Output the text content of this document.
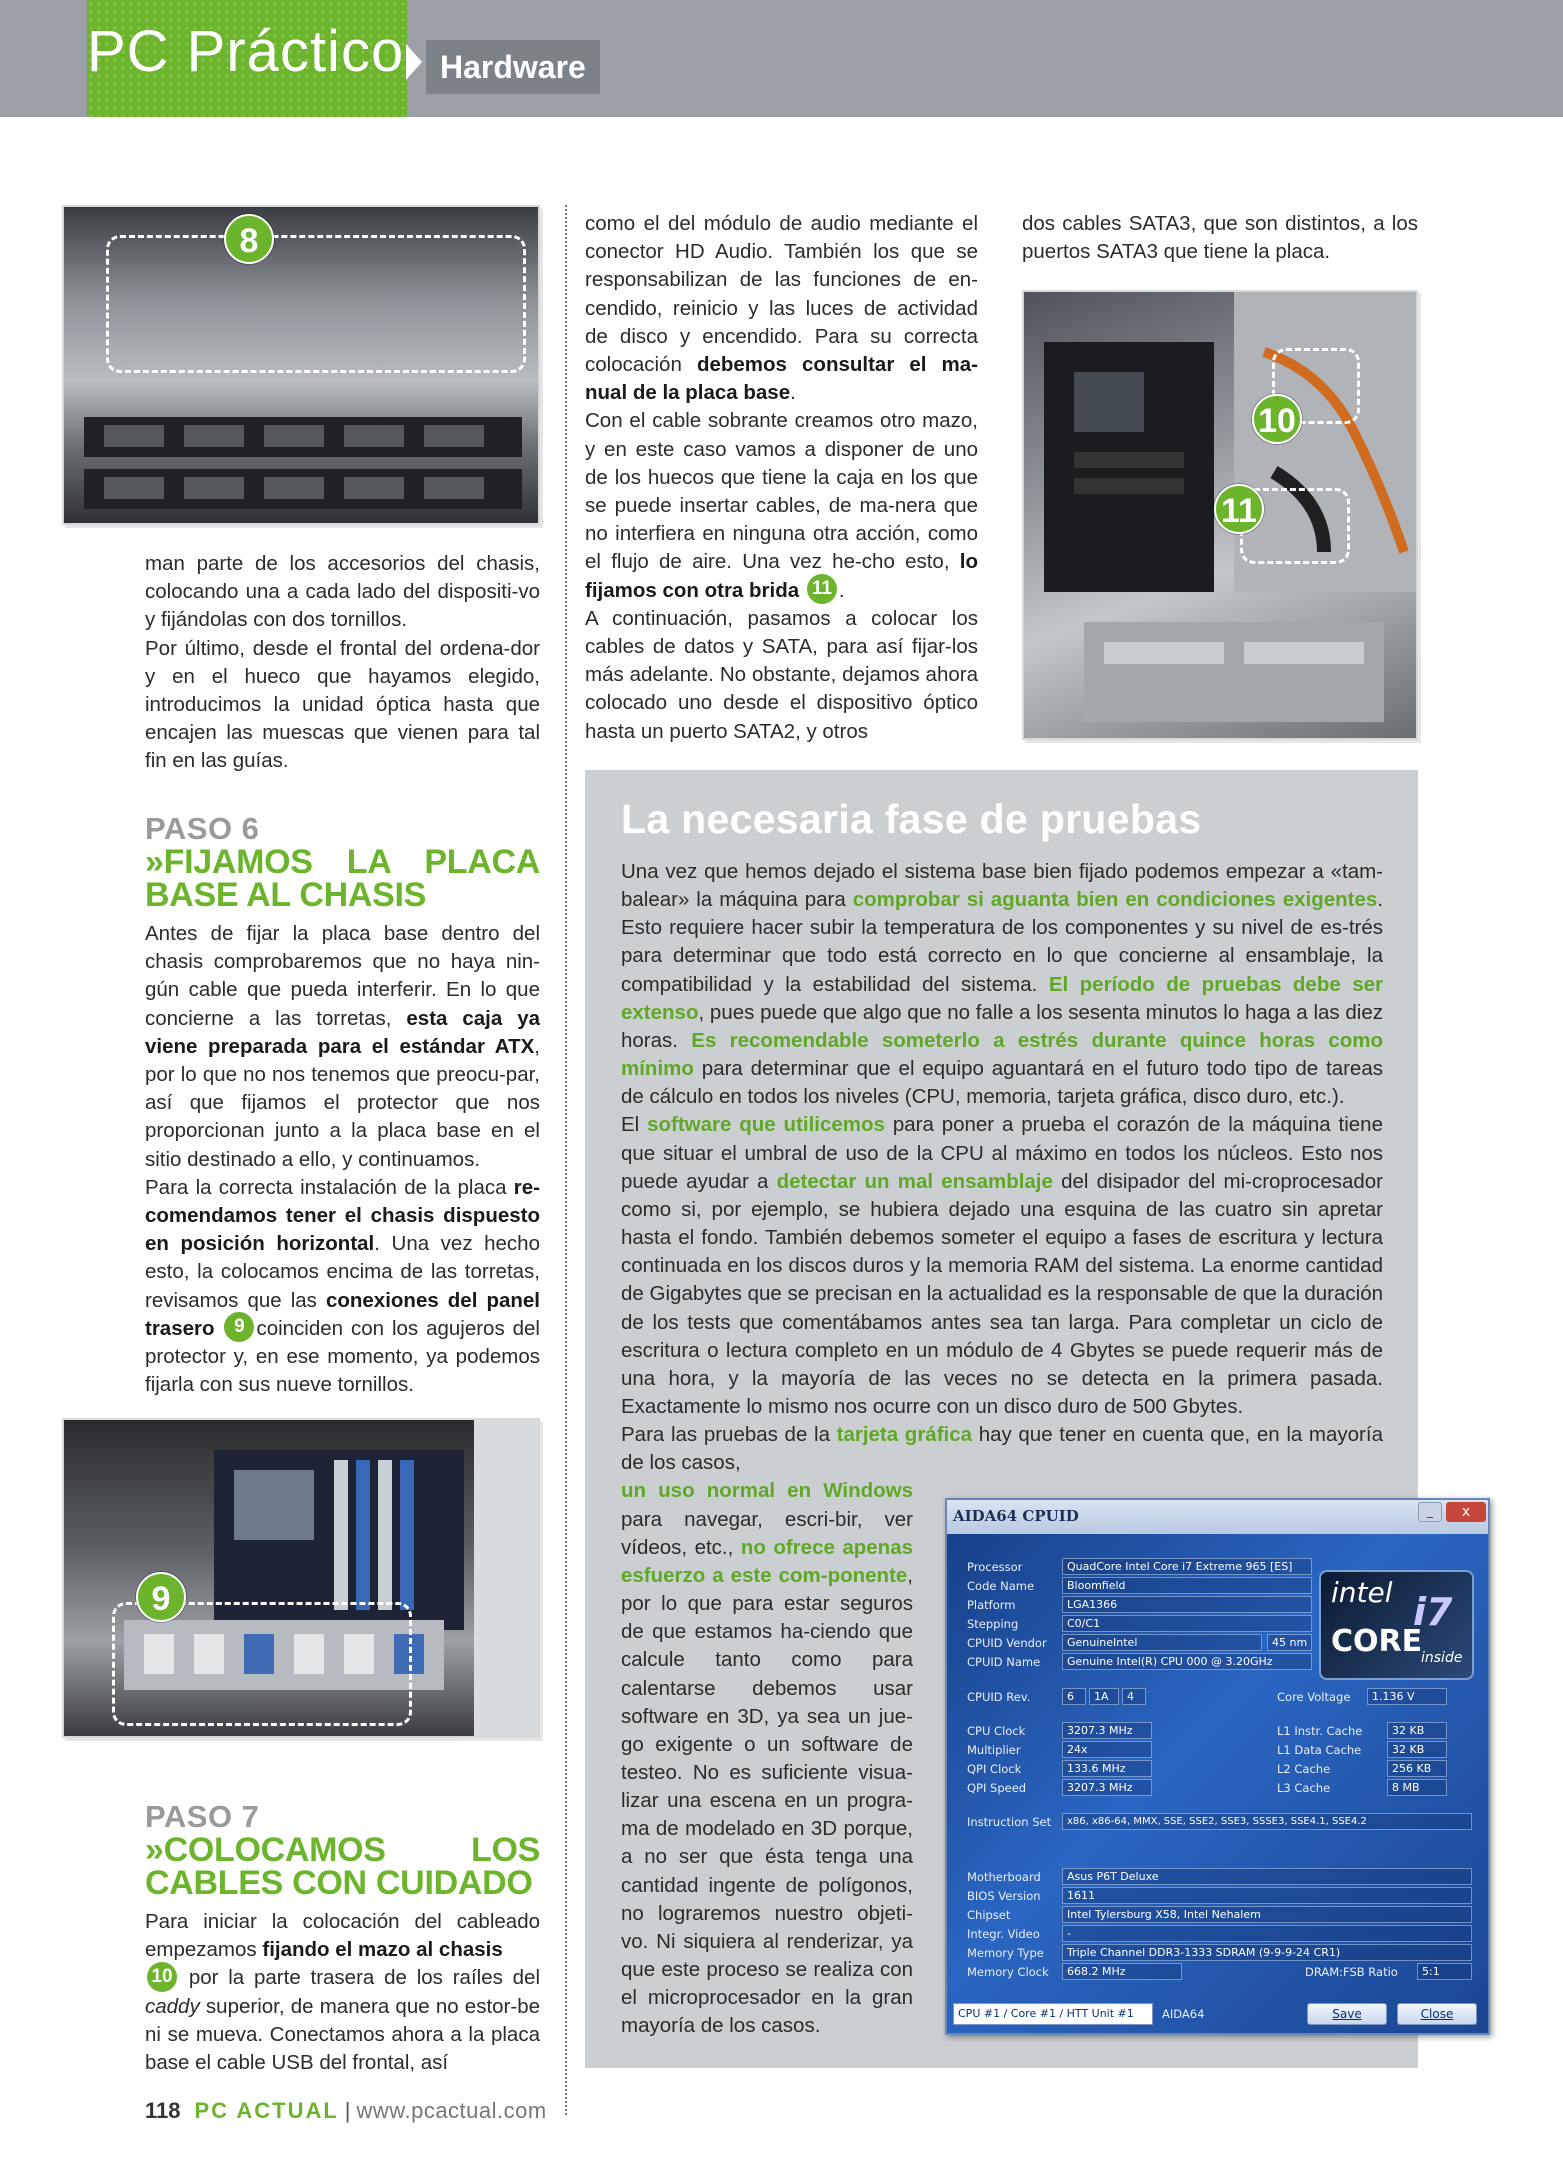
PC Práctico	Hardware
8

man parte de los accesorios del chasis, colocando una a cada lado del dispositi-vo y fijándolas con dos tornillos.

Por último, desde el frontal del ordena-dor y en el hueco que hayamos elegido, introducimos la unidad óptica hasta que encajen las muescas que vienen para tal fin en las guías.

PASO 6
»FIJAMOS LA PLACA BASE AL CHASIS

Antes de fijar la placa base dentro del chasis comprobaremos que no haya nin-gún cable que pueda interferir. En lo que concierne a las torretas, esta caja ya viene preparada para el estándar ATX, por lo que no nos tenemos que preocu-par, así que fijamos el protector que nos proporcionan junto a la placa base en el sitio destinado a ello, y continuamos.

Para la correcta instalación de la placa re-comendamos tener el chasis dispuesto en posición horizontal. Una vez hecho esto, la colocamos encima de las torretas, revisamos que las conexiones del panel trasero 9 coinciden con los agujeros del protector y, en ese momento, ya podemos fijarla con sus nueve tornillos.

9
PASO 7
»COLOCAMOS LOS CABLES CON CUIDADO

Para iniciar la colocación del cableado empezamos fijando el mazo al chasis
10 por la parte trasera de los raíles del caddy superior, de manera que no estor-be ni se mueva. Conectamos ahora a la placa base el cable USB del frontal, así

como el del módulo de audio mediante el conector HD Audio. También los que se responsabilizan de las funciones de en-cendido, reinicio y las luces de actividad de disco y encendido. Para su correcta colocación debemos consultar el ma-nual de la placa base.

Con el cable sobrante creamos otro mazo, y en este caso vamos a disponer de uno de los huecos que tiene la caja en los que se puede insertar cables, de ma-nera que no interfiera en ninguna otra acción, como el flujo de aire. Una vez he-cho esto, lo fijamos con otra brida 11 .

A continuación, pasamos a colocar los cables de datos y SATA, para así fijar-los más adelante. No obstante, dejamos ahora colocado uno desde el dispositivo óptico hasta un puerto SATA2, y otros

dos cables SATA3, que son distintos, a los puertos SATA3 que tiene la placa.

10
11
La necesaria fase de pruebas

Una vez que hemos dejado el sistema base bien fijado podemos empezar a «tam-balear» la máquina para comprobar si aguanta bien en condiciones exigentes. Esto requiere hacer subir la temperatura de los componentes y su nivel de es-trés para determinar que todo está correcto en lo que concierne al ensamblaje, la compatibilidad y la estabilidad del sistema. El período de pruebas debe ser extenso, pues puede que algo que no falle a los sesenta minutos lo haga a las diez horas. Es recomendable someterlo a estrés durante quince horas como mínimo para determinar que el equipo aguantará en el futuro todo tipo de tareas de cálculo en todos los niveles (CPU, memoria, tarjeta gráfica, disco duro, etc.).

El software que utilicemos para poner a prueba el corazón de la máquina tiene que situar el umbral de uso de la CPU al máximo en todos los núcleos. Esto nos puede ayudar a detectar un mal ensamblaje del disipador del mi-croprocesador como si, por ejemplo, se hubiera dejado una esquina de las cuatro sin apretar hasta el fondo. También debemos someter el equipo a fases de escritura y lectura continuada en los discos duros y la memoria RAM del sistema. La enorme cantidad de Gigabytes que se precisan en la actualidad es la responsable de que la duración de los tests que comentábamos antes sea tan larga. Para completar un ciclo de escritura o lectura completo en un módulo de 4 Gbytes se puede requerir más de una hora, y la mayoría de las veces no se detecta en la primera pasada. Exactamente lo mismo nos ocurre con un disco duro de 500 Gbytes.

Para las pruebas de la tarjeta gráfica hay que tener en cuenta que, en la mayoría de los casos,

un uso normal en Windows para navegar, escri-bir, ver vídeos, etc., no ofrece apenas esfuerzo a este com-ponente, por lo que para estar seguros de que estamos ha-ciendo que calcule tanto como para calentarse debemos usar software en 3D, ya sea un jue-go exigente o un software de testeo. No es suficiente visua-lizar una escena en un progra-ma de modelado en 3D porque, a no ser que ésta tenga una cantidad ingente de polígonos, no lograremos nuestro objeti-vo. Ni siquiera al renderizar, ya que este proceso se realiza con el microprocesador en la gran mayoría de los casos.

AIDA64 CPUID	_	x
intel i7
CORE
inside
Processor	QuadCore Intel Core i7 Extreme 965 [ES]
Code Name	Bloomfield
Platform	LGA1366
Stepping	C0/C1
CPUID Vendor	GenuineIntel	45 nm
CPUID Name	Genuine Intel(R) CPU 000 @ 3.20GHz
CPUID Rev.	6	1A	4	Core Voltage	1.136 V
CPU Clock	3207.3 MHz
Multiplier	24x
QPI Clock	133.6 MHz
QPI Speed	3207.3 MHz
L1 Instr. Cache	32 KB
L1 Data Cache	32 KB
L2 Cache	256 KB
L3 Cache	8 MB
Instruction Set	x86, x86-64, MMX, SSE, SSE2, SSE3, SSSE3, SSE4.1, SSE4.2
Motherboard	Asus P6T Deluxe
BIOS Version	1611
Chipset	Intel Tylersburg X58, Intel Nehalem
Integr. Video	-
Memory Type	Triple Channel DDR3-1333 SDRAM (9-9-9-24 CR1)
Memory Clock	668.2 MHz	DRAM:FSB Ratio	5:1
CPU #1 / Core #1 / HTT Unit #1	AIDA64	Save	Close
118 PC ACTUAL | www.pcactual.com
